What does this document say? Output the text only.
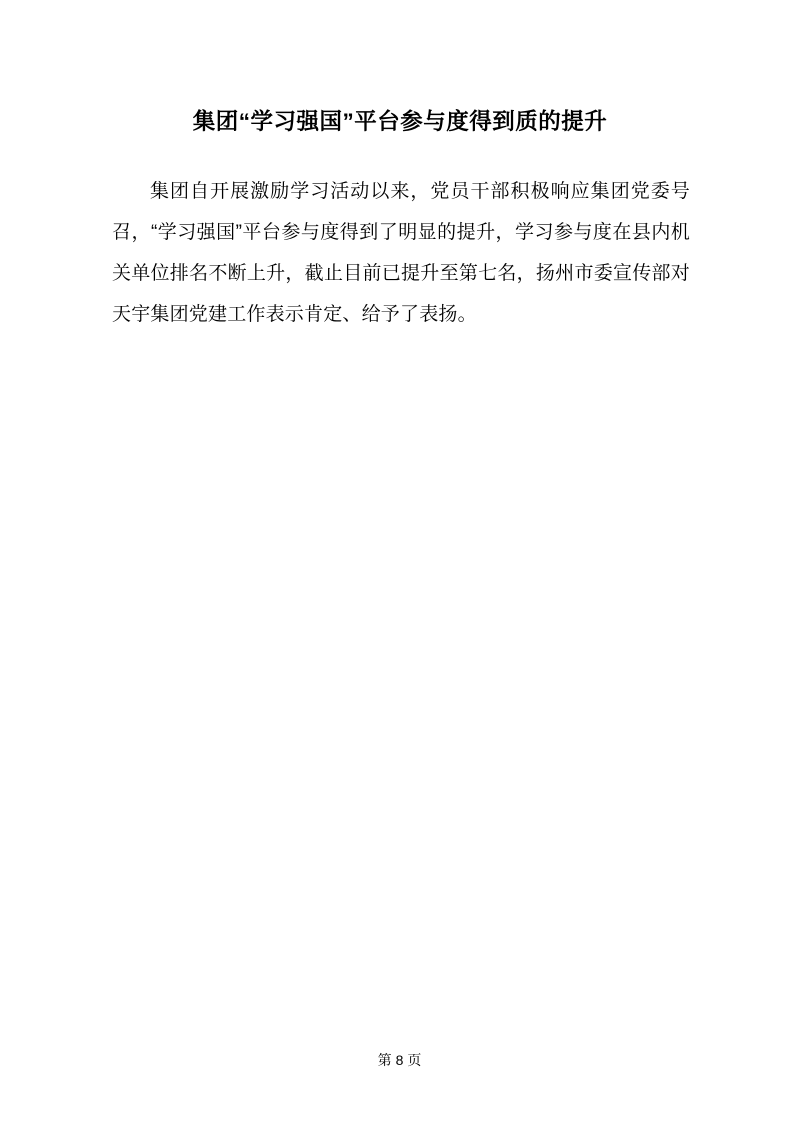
集团“学习强国”平台参与度得到质的提升

集团自开展激励学习活动以来，党员干部积极响应集团党委号召，“学习强国”平台参与度得到了明显的提升，学习参与度在县内机关单位排名不断上升，截止目前已提升至第七名，扬州市委宣传部对天宇集团党建工作表示肯定、给予了表扬。

第 8 页
